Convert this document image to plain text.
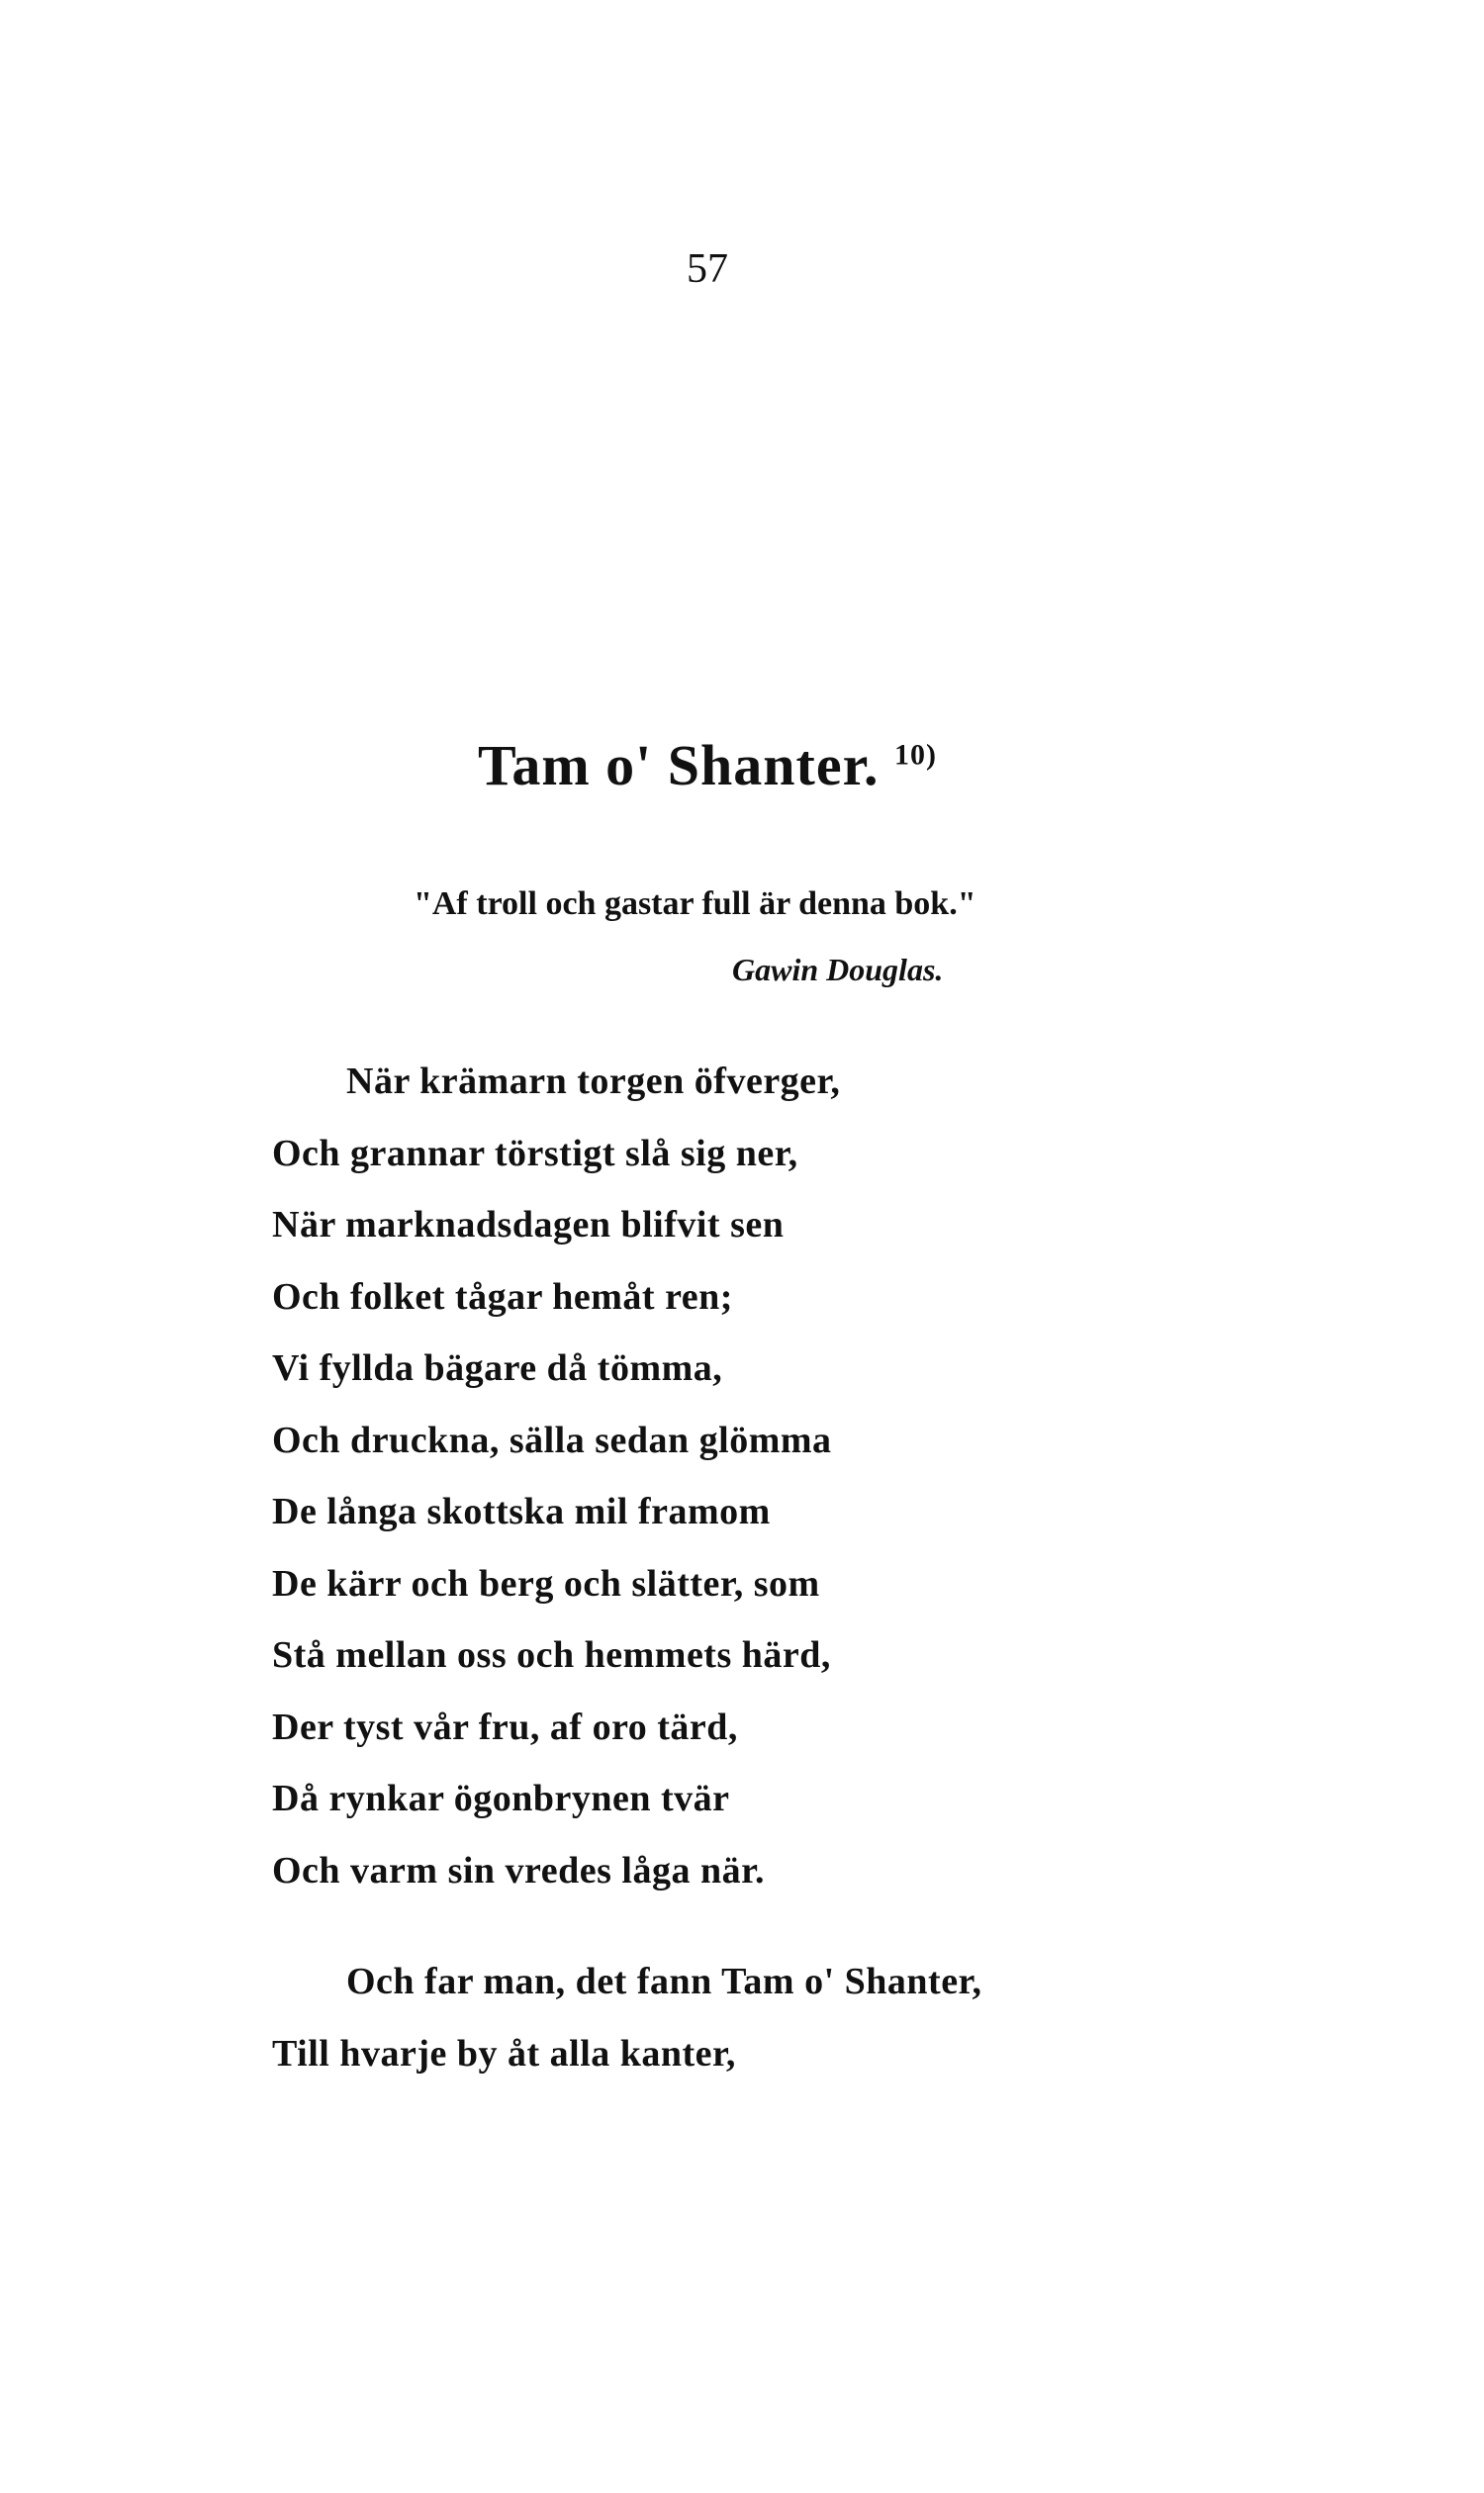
57
Tam o' Shanter. $^{10)}$
"Af troll och gastar full är denna bok."
Gawin Douglas.
När krämarn torgen öfverger,
Och grannar törstigt slå sig ner,
När marknadsdagen blifvit sen
Och folket tågar hemåt ren;
Vi fyllda bägare då tömma,
Och druckna, sälla sedan glömma
De långa skottska mil framom
De kärr och berg och slätter, som
Stå mellan oss och hemmets härd,
Der tyst vår fru, af oro tärd,
Då rynkar ögonbrynen tvär
Och varm sin vredes låga när.
Och far man, det fann Tam o' Shanter,
Till hvarje by åt alla kanter,
